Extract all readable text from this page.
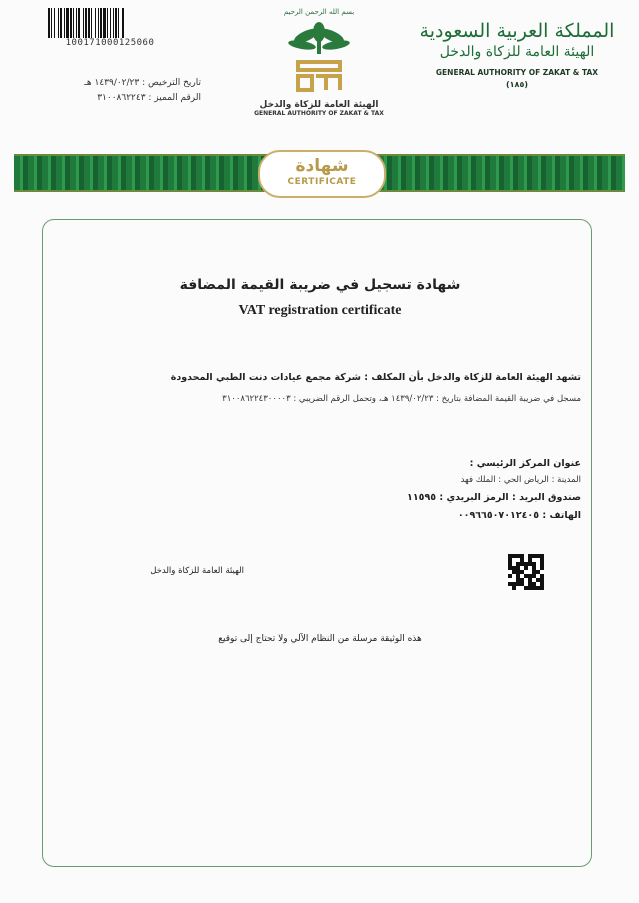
100171000125060
تاريخ الترخيص : ١٤٣٩/٠٢/٢٣ هـ
الرقم المميز : ٣١٠٠٨٦٢٢٤٣
بسم الله الرحمن الرحيم
الهيئة العامة للزكاة والدخل
GENERAL AUTHORITY OF ZAKAT & TAX
المملكة العربية السعودية
الهيئة العامة للزكاة والدخل
GENERAL AUTHORITY OF ZAKAT & TAX
(١٨٥)
شهادة
CERTIFICATE
شهادة تسجيل في ضريبة القيمة المضافة
VAT registration certificate
تشهد الهيئة العامة للزكاة والدخل بأن المكلف : شركة مجمع عيادات دنت الطبي المحدودة
مسجل في ضريبة القيمة المضافة بتاريخ : ١٤٣٩/٠٢/٢٣ هـ، وتحمل الرقم الضريبي : ٣١٠٠٨٦٢٢٤٣٠٠٠٠٣
عنوان المركز الرئيسي :
المدينة : الرياض الحي : الملك فهد
صندوق البريد : الرمز البريدي : ١١٥٩٥
الهاتف : ٠٠٩٦٦٥٠٧٠١٢٤٠٥
الهيئة العامة للزكاة والدخل
هذه الوثيقة مرسلة من النظام الآلي ولا تحتاج إلى توقيع
